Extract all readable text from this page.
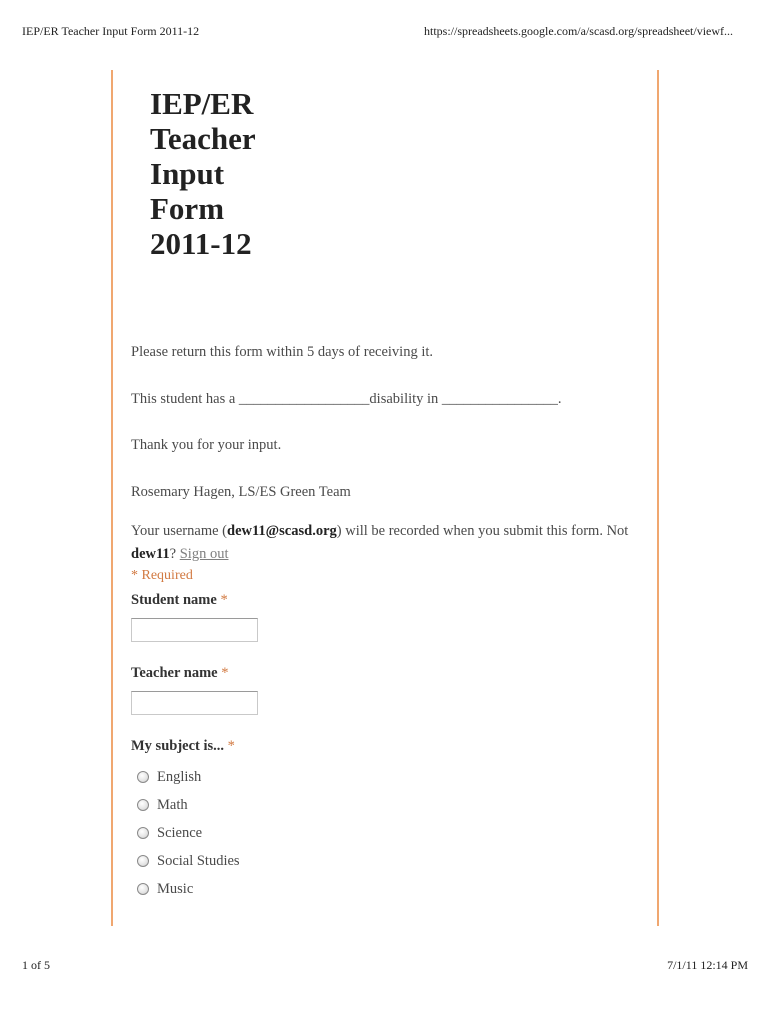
IEP/ER Teacher Input Form 2011-12	https://spreadsheets.google.com/a/scasd.org/spreadsheet/viewf...
IEP/ER
Teacher
Input
Form
2011-12
Please return this form within 5 days of receiving it.
This student has a __________________disability in ________________.
Thank you for your input.
Rosemary Hagen, LS/ES Green Team
Your username (dew11@scasd.org) will be recorded when you submit this form. Not
dew11? Sign out
* Required
Student name *
Teacher name *
My subject is... *
English
Math
Science
Social Studies
Music
1 of 5	7/1/11 12:14 PM
